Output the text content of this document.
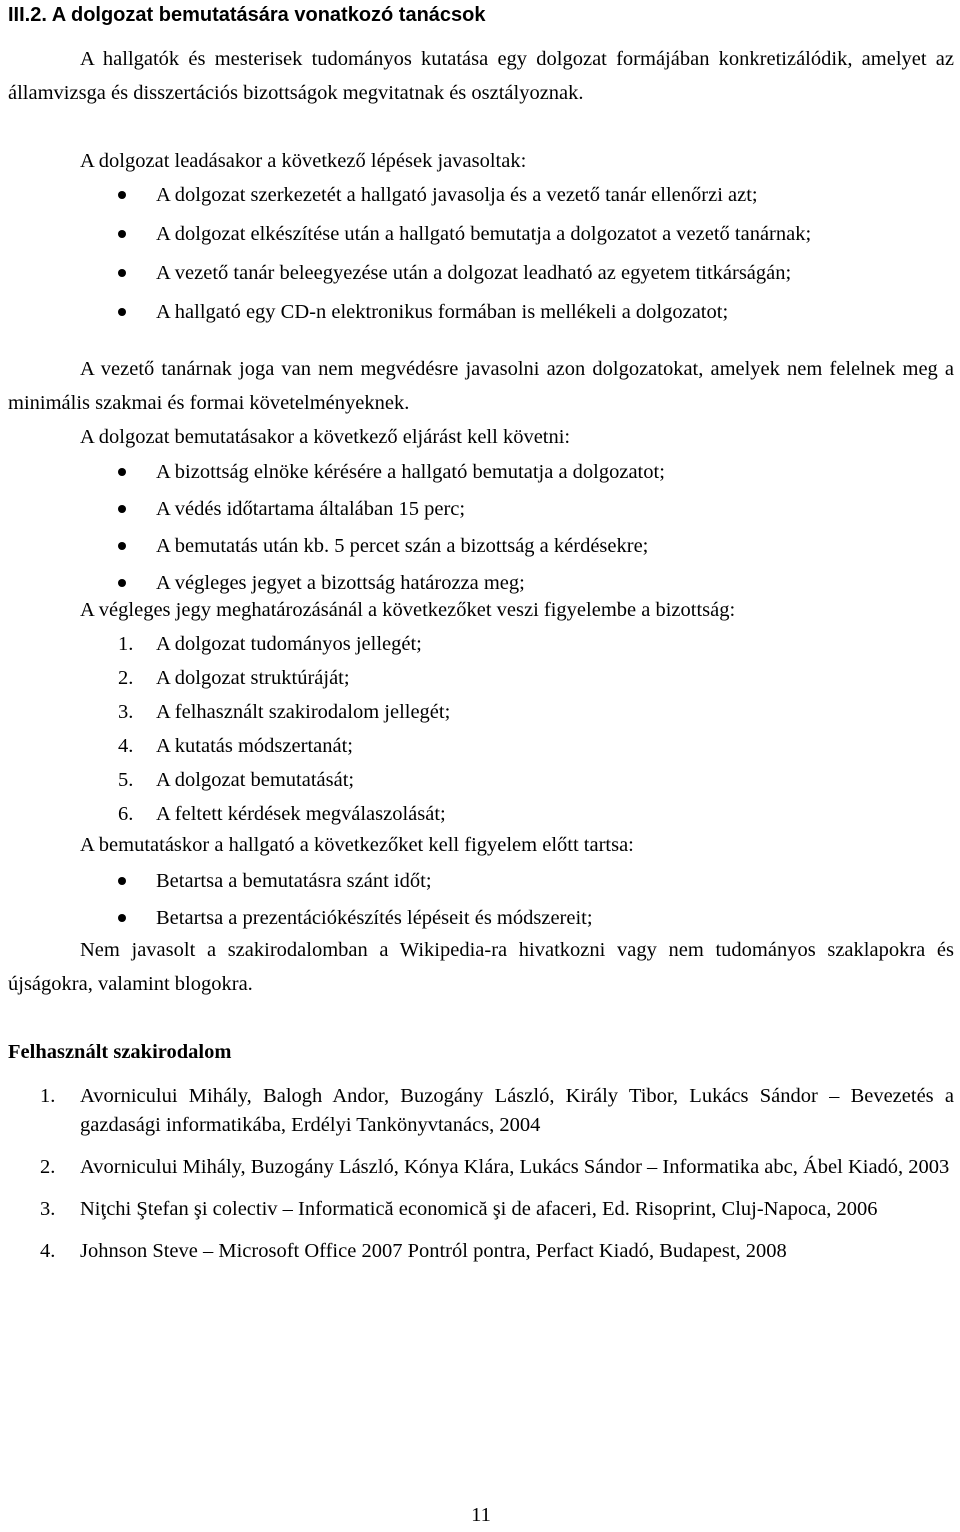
III.2. A dolgozat bemutatására vonatkozó tanácsok

A hallgatók és mesterisek tudományos kutatása egy dolgozat formájában konkretizálódik, amelyet az államvizsga és disszertációs bizottságok megvitatnak és osztályoznak.

A dolgozat leadásakor a következő lépések javasoltak:

A dolgozat szerkezetét a hallgató javasolja és a vezető tanár ellenőrzi azt;
A dolgozat elkészítése után a hallgató bemutatja a dolgozatot a vezető tanárnak;
A vezető tanár beleegyezése után a dolgozat leadható az egyetem titkárságán;
A hallgató egy CD-n elektronikus formában is mellékeli a dolgozatot;

A vezető tanárnak joga van nem megvédésre javasolni azon dolgozatokat, amelyek nem felelnek meg a minimális szakmai és formai követelményeknek.

A dolgozat bemutatásakor a következő eljárást kell követni:

A bizottság elnöke kérésére a hallgató bemutatja a dolgozatot;
A védés időtartama általában 15 perc;
A bemutatás után kb. 5 percet szán a bizottság a kérdésekre;
A végleges jegyet a bizottság határozza meg;

A végleges jegy meghatározásánál a következőket veszi figyelembe a bizottság:

1. A dolgozat tudományos jellegét;
2. A dolgozat struktúráját;
3. A felhasznált szakirodalom jellegét;
4. A kutatás módszertanát;
5. A dolgozat bemutatását;
6. A feltett kérdések megválaszolását;

A bemutatáskor a hallgató a következőket kell figyelem előtt tartsa:

Betartsa a bemutatásra szánt időt;
Betartsa a prezentációkészítés lépéseit és módszereit;

Nem javasolt a szakirodalomban a Wikipedia-ra hivatkozni vagy nem tudományos szaklapokra és újságokra, valamint blogokra.

Felhasznált szakirodalom
1. Avornicului Mihály, Balogh Andor, Buzogány László, Király Tibor, Lukács Sándor – Bevezetés a gazdasági informatikába, Erdélyi Tankönyvtanács, 2004
2. Avornicului Mihály, Buzogány László, Kónya Klára, Lukács Sándor – Informatika abc, Ábel Kiadó, 2003
3. Niţchi Ştefan şi colectiv – Informatică economică şi de afaceri, Ed. Risoprint, Cluj-Napoca, 2006
4. Johnson Steve – Microsoft Office 2007 Pontról pontra, Perfact Kiadó, Budapest, 2008
11
